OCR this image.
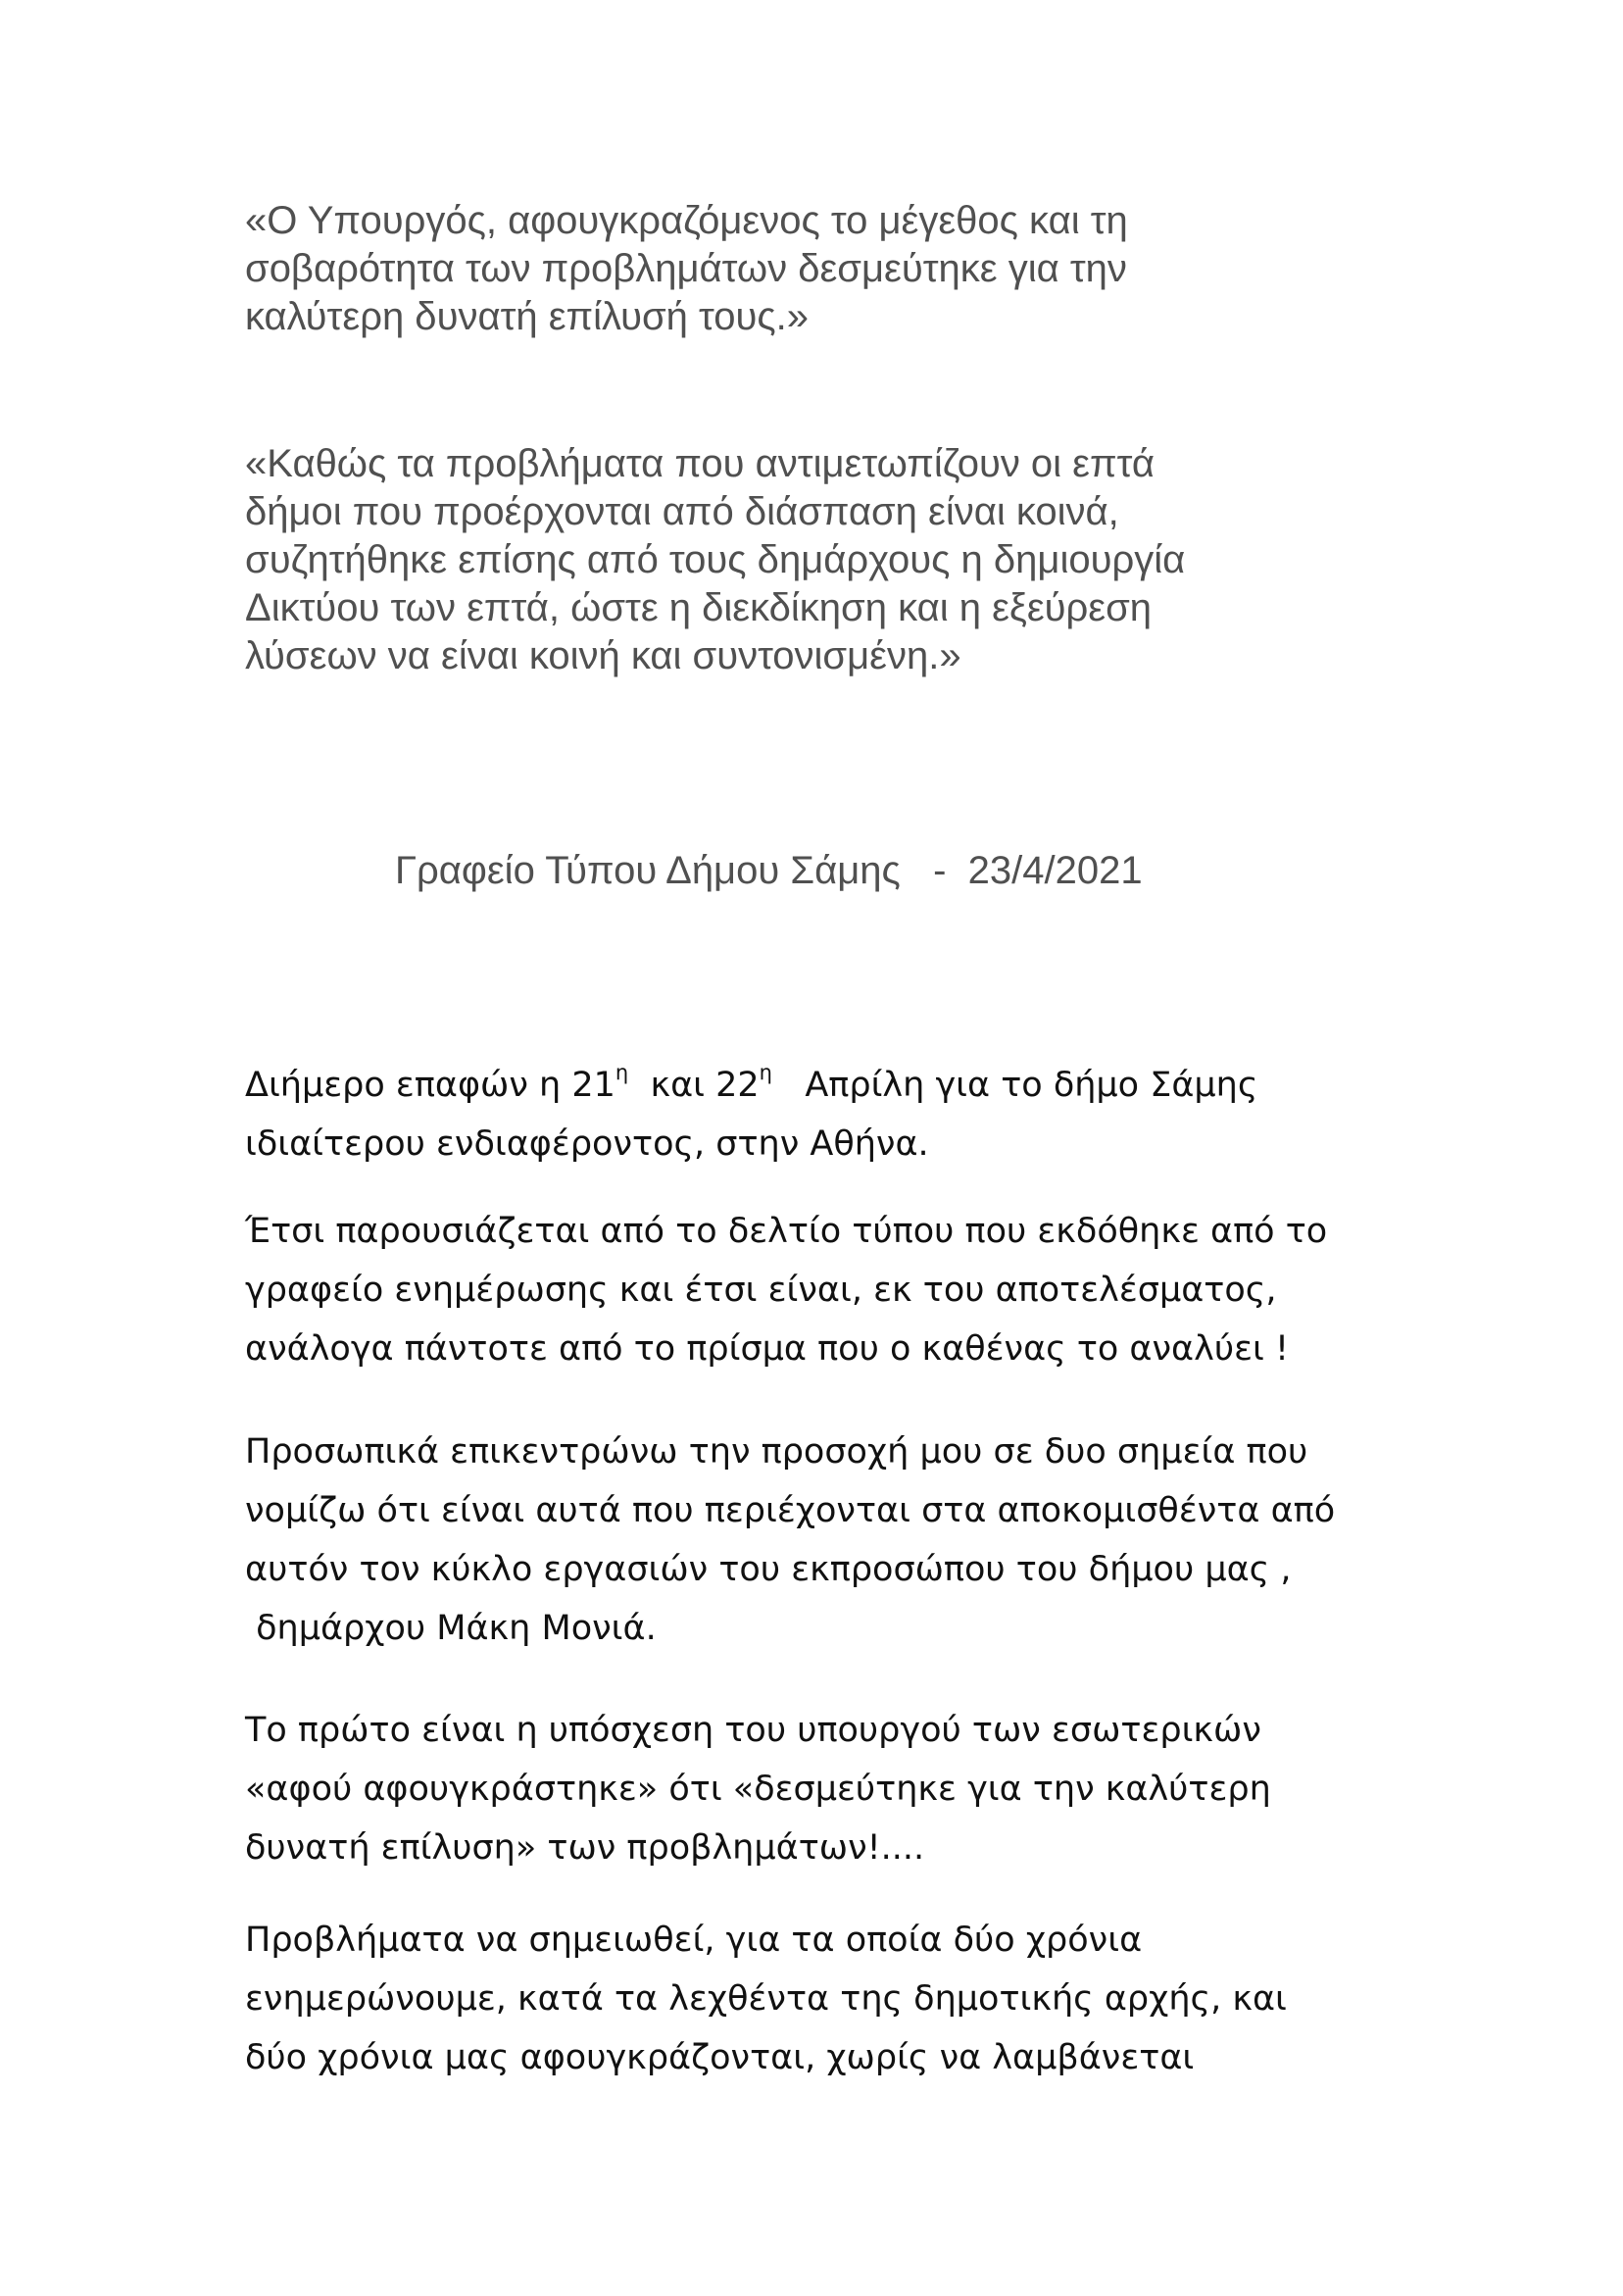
«Ο Υπουργός, αφουγκραζόμενος το μέγεθος και τη
σοβαρότητα των προβλημάτων δεσμεύτηκε για την
καλύτερη δυνατή επίλυσή τους.»

«Καθώς τα προβλήματα που αντιμετωπίζουν οι επτά
δήμοι που προέρχονται από διάσπαση είναι κοινά,
συζητήθηκε επίσης από τους δημάρχους η δημιουργία
Δικτύου των επτά, ώστε η διεκδίκηση και η εξεύρεση
λύσεων να είναι κοινή και συντονισμένη.»

Γραφείο Τύπου Δήμου Σάμης   -  23/4/2021

Διήμερο επαφών η $21^\eta$  και $22^\eta$   Απρίλη για το δήμο Σάμης
ιδιαίτερου ενδιαφέροντος, στην Αθήνα.

Έτσι παρουσιάζεται από το δελτίο τύπου που εκδόθηκε από το
γραφείο ενημέρωσης και έτσι είναι, εκ του αποτελέσματος,
ανάλογα πάντοτε από το πρίσμα που ο καθένας το αναλύει !

Προσωπικά επικεντρώνω την προσοχή μου σε δυο σημεία που
νομίζω ότι είναι αυτά που περιέχονται στα αποκομισθέντα από
αυτόν τον κύκλο εργασιών του εκπροσώπου του δήμου μας ,
δημάρχου Μάκη Μονιά.

Το πρώτο είναι η υπόσχεση του υπουργού των εσωτερικών
«αφού αφουγκράστηκε» ότι «δεσμεύτηκε για την καλύτερη
δυνατή επίλυση» των προβλημάτων!....

Προβλήματα να σημειωθεί, για τα οποία δύο χρόνια
ενημερώνουμε, κατά τα λεχθέντα της δημοτικής αρχής, και
δύο χρόνια μας αφουγκράζονται, χωρίς να λαμβάνεται
